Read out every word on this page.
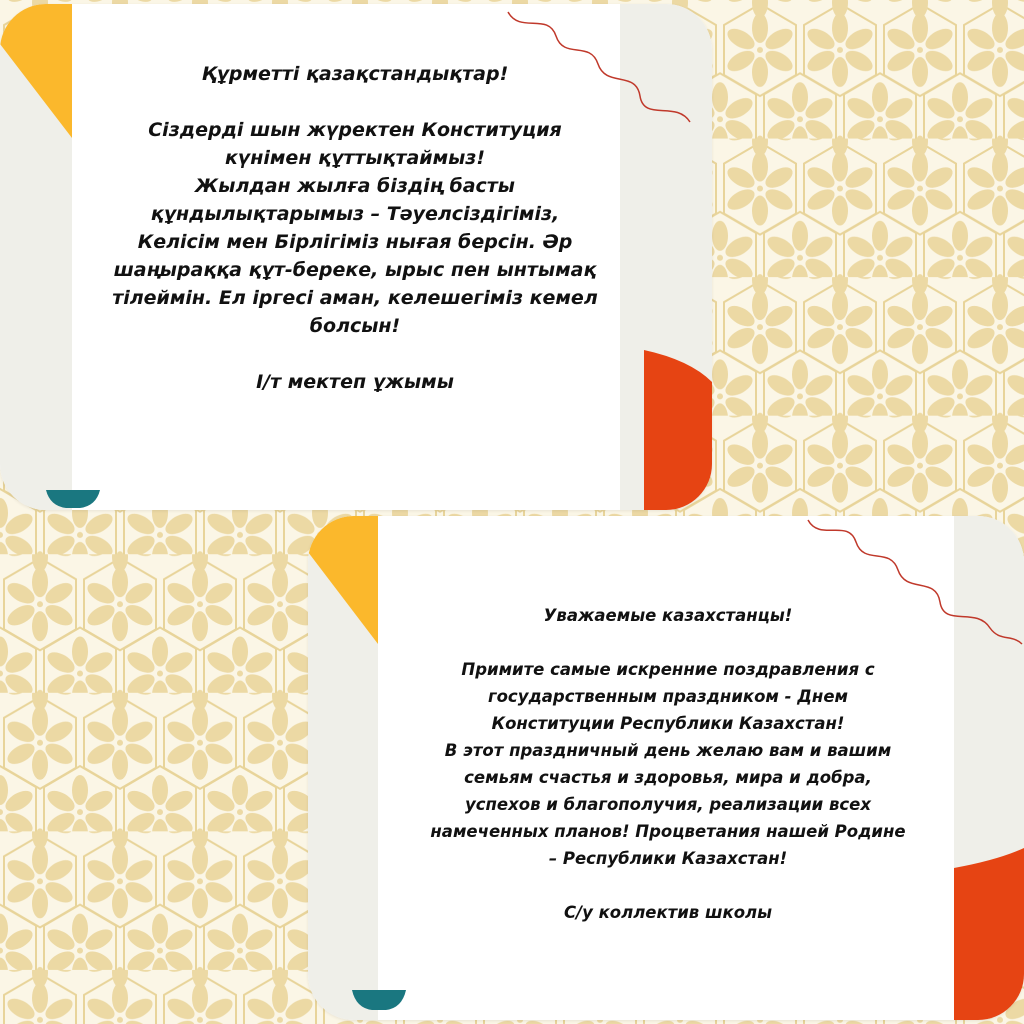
Құрметті қазақстандықтар!
Сіздерді шын жүректен Конституция
күнімен құттықтаймыз!
Жылдан жылға біздің басты
құндылықтарымыз – Тәуелсіздігіміз,
Келісім мен Бірлігіміз нығая берсін. Әр
шаңыраққа құт-береке, ырыс пен ынтымақ
тілеймін. Ел іргесі аман, келешегіміз кемел
болсын!
І/т мектеп ұжымы
Уважаемые казахстанцы!
Примите самые искренние поздравления с
государственным праздником - Днем
Конституции Республики Казахстан!
В этот праздничный день желаю вам и вашим
семьям счастья и здоровья, мира и добра,
успехов и благополучия, реализации всех
намеченных планов! Процветания нашей Родине
– Республики Казахстан!
С/у коллектив школы
